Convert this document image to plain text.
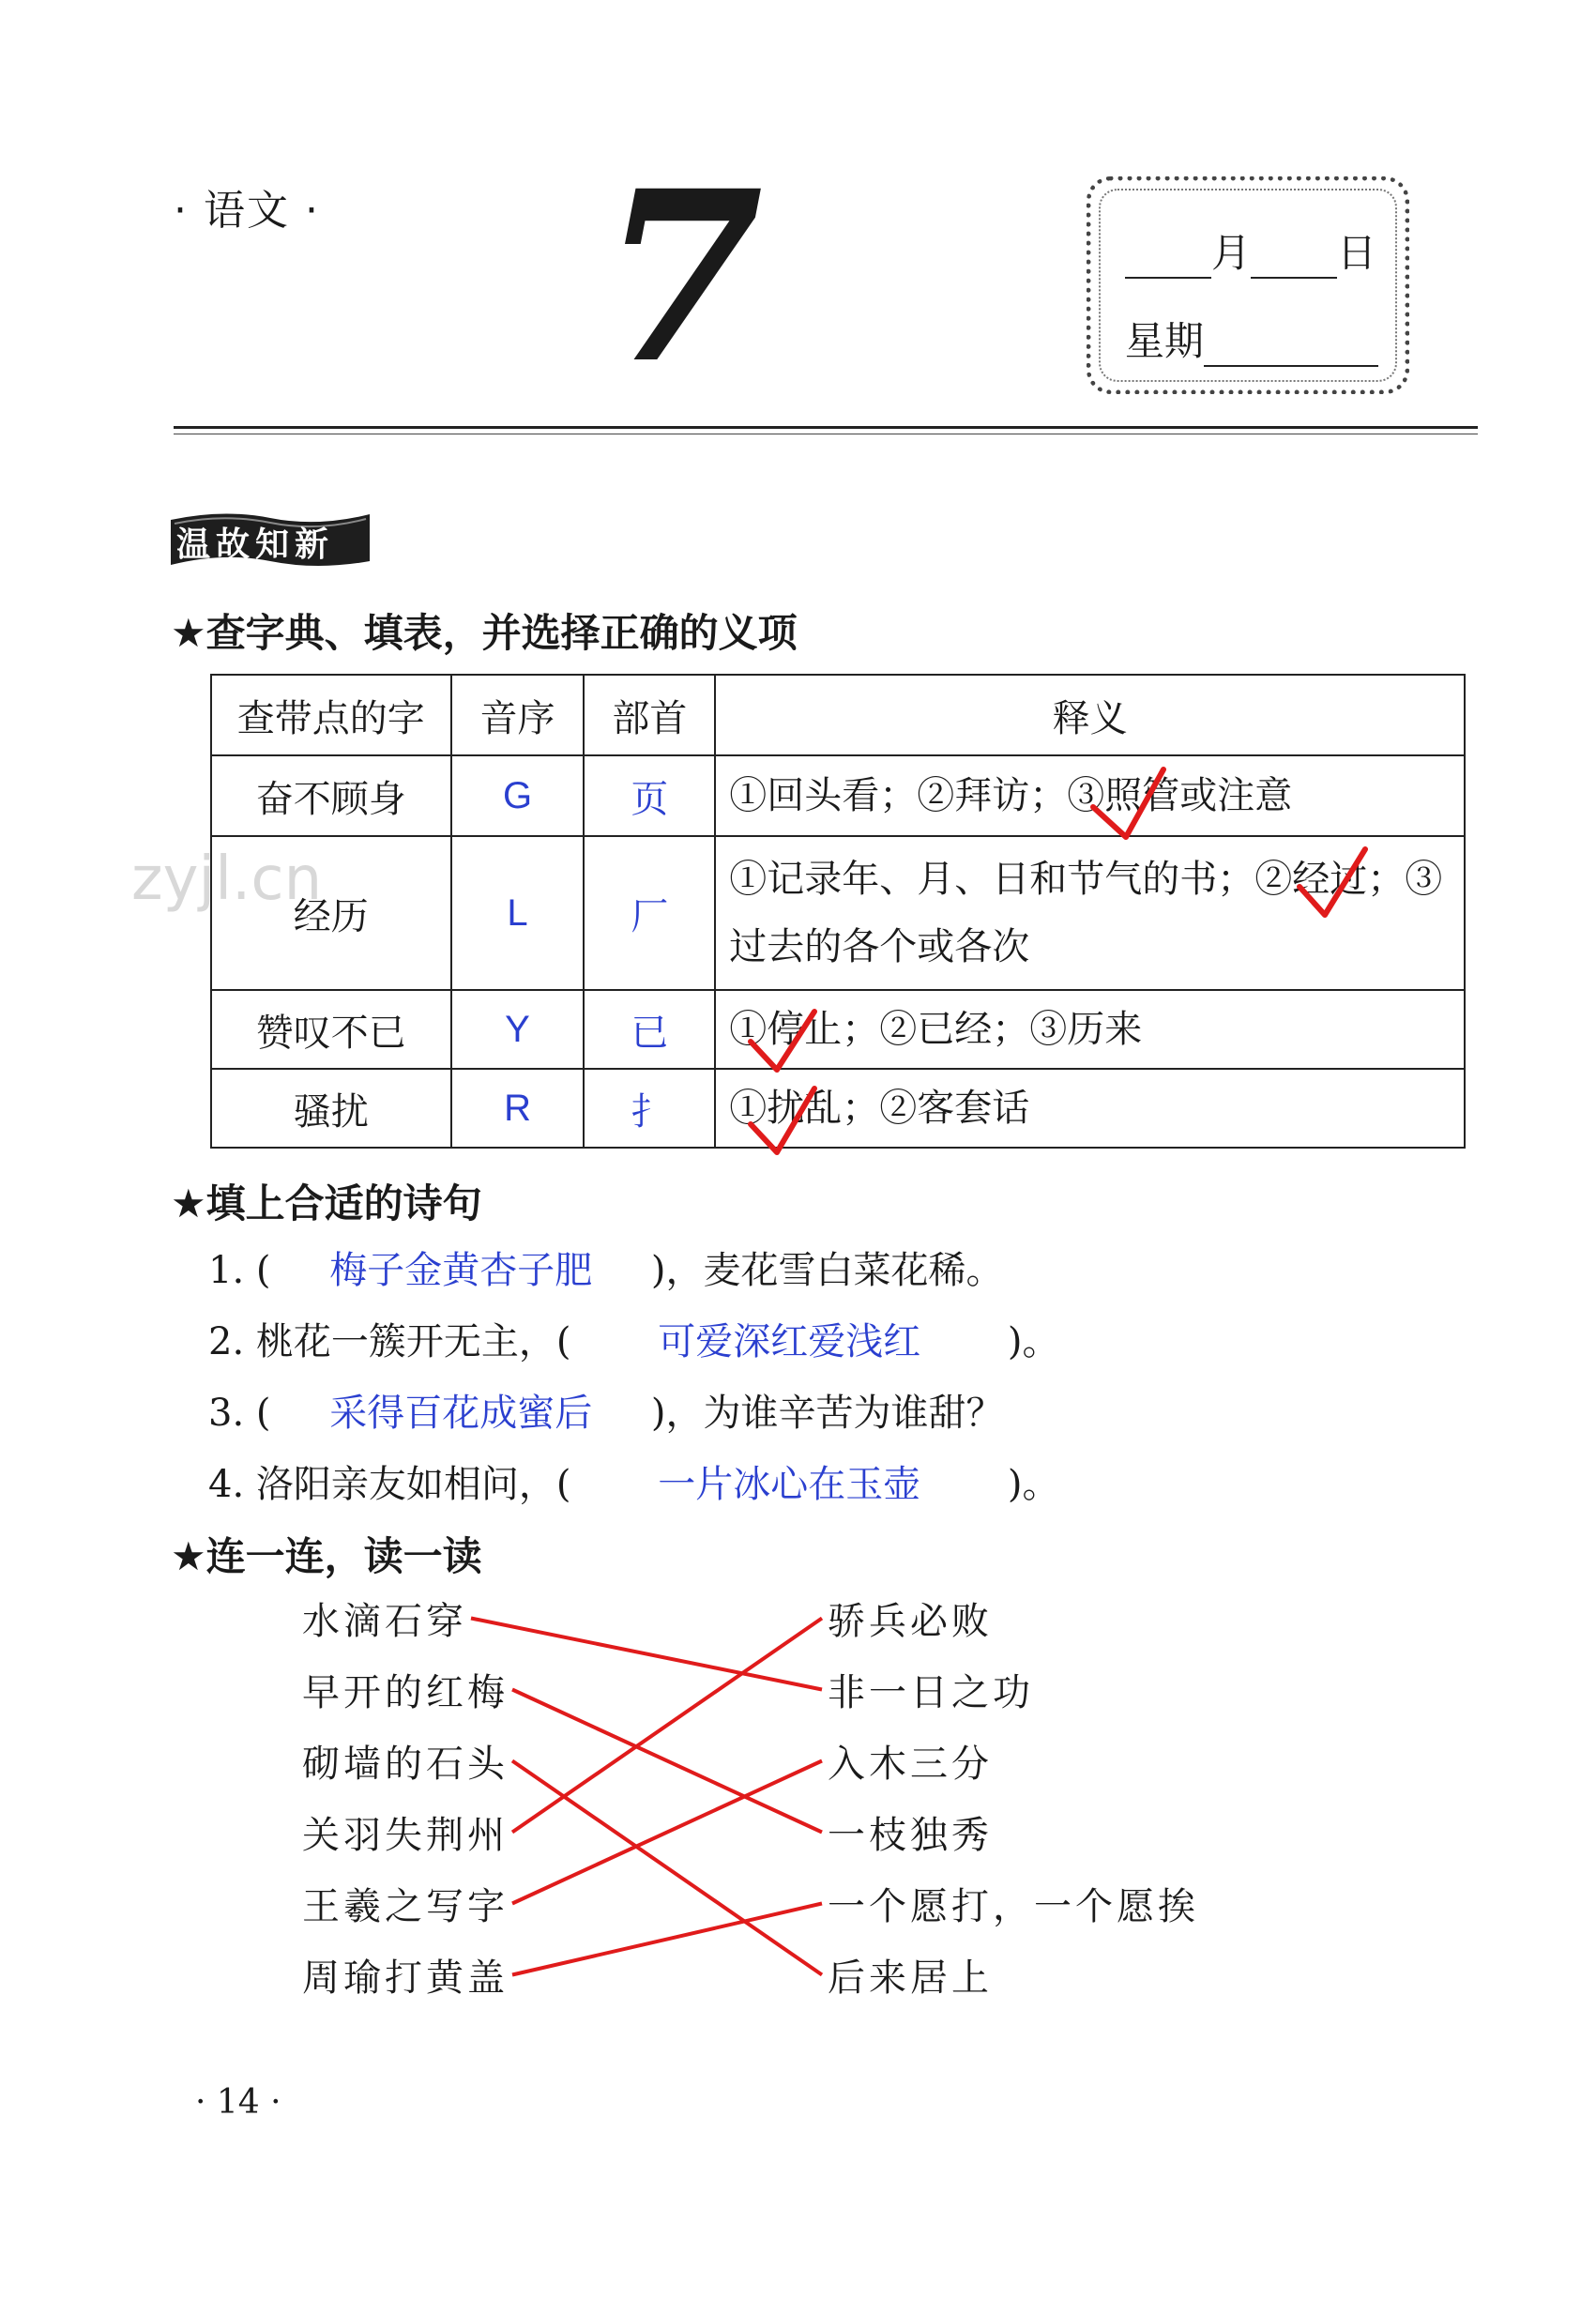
· 语文 · 7	月 日
星期
温故知新
★查字典、填表，并选择正确的义项
查带点的字	音序	部首	释义
奋不顾身	G	页	①回头看；②拜访；③照管或注意
经历	L	厂	①记录年、月、日和节气的书；②经过；③过去的各个或各次
赞叹不已	Y	已	①停止；②已经；③历来
骚扰	R	扌	①扰乱；②客套话
zyjl.cn
★填上合适的诗句
1. ( 梅子金黄杏子肥 )，麦花雪白菜花稀。
2. 桃花一簇开无主，( 可爱深红爱浅红 )。
3. ( 采得百花成蜜后 )，为谁辛苦为谁甜？
4. 洛阳亲友如相问，( 一片冰心在玉壶 )。
★连一连，读一读
水滴石穿
早开的红梅
砌墙的石头
关羽失荆州
王羲之写字
周瑜打黄盖
骄兵必败
非一日之功
入木三分
一枝独秀
一个愿打，一个愿挨
后来居上
· 14 ·
